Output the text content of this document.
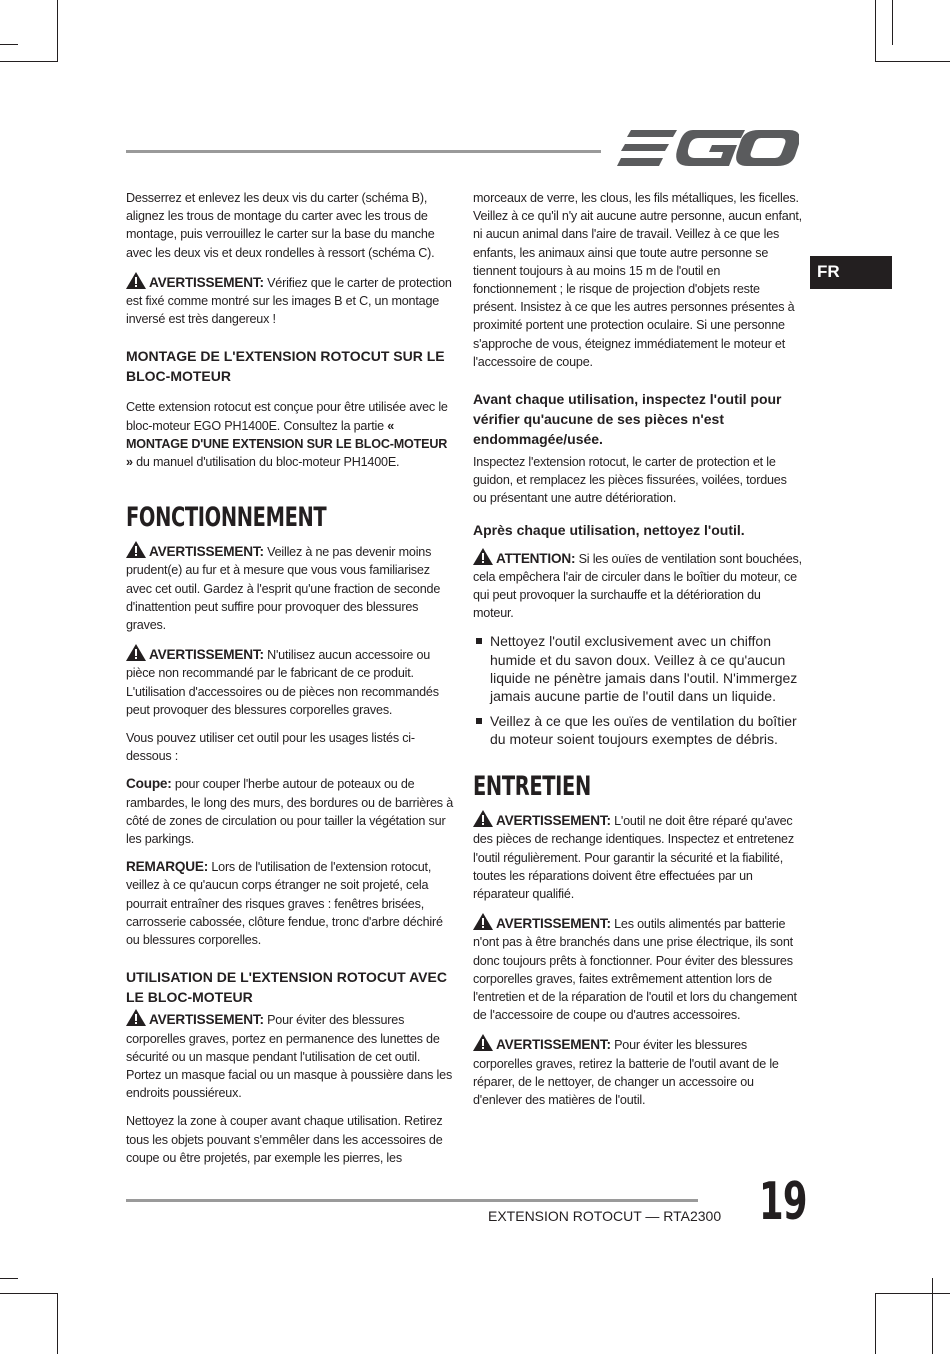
FR

Desserrez et enlevez les deux vis du carter (schéma B), alignez les trous de montage du carter avec les trous de montage, puis verrouillez le carter sur la base du manche avec les deux vis et deux rondelles à ressort (schéma C).

AVERTISSEMENT: Vérifiez que le carter de protection est fixé comme montré sur les images B et C, un montage inversé est très dangereux !

MONTAGE DE L'EXTENSION ROTOCUT SUR LE BLOC-MOTEUR

Cette extension rotocut est conçue pour être utilisée avec le bloc-moteur EGO PH1400E. Consultez la partie « MONTAGE D'UNE EXTENSION SUR LE BLOC-MOTEUR » du manuel d'utilisation du bloc-moteur PH1400E.

FONCTIONNEMENT

AVERTISSEMENT: Veillez à ne pas devenir moins prudent(e) au fur et à mesure que vous vous familiarisez avec cet outil. Gardez à l'esprit qu'une fraction de seconde d'inattention peut suffire pour provoquer des blessures graves.

AVERTISSEMENT: N'utilisez aucun accessoire ou pièce non recommandé par le fabricant de ce produit. L'utilisation d'accessoires ou de pièces non recommandés peut provoquer des blessures corporelles graves.

Vous pouvez utiliser cet outil pour les usages listés ci-dessous :

Coupe: pour couper l'herbe autour de poteaux ou de rambardes, le long des murs, des bordures ou de barrières à côté de zones de circulation ou pour tailler la végétation sur les parkings.

REMARQUE: Lors de l'utilisation de l'extension rotocut, veillez à ce qu'aucun corps étranger ne soit projeté, cela pourrait entraîner des risques graves : fenêtres brisées, carrosserie cabossée, clôture fendue, tronc d'arbre déchiré ou blessures corporelles.

UTILISATION DE L'EXTENSION ROTOCUT AVEC LE BLOC-MOTEUR

AVERTISSEMENT: Pour éviter des blessures corporelles graves, portez en permanence des lunettes de sécurité ou un masque pendant l'utilisation de cet outil. Portez un masque facial ou un masque à poussière dans les endroits poussiéreux.

Nettoyez la zone à couper avant chaque utilisation. Retirez tous les objets pouvant s'emmêler dans les accessoires de coupe ou être projetés, par exemple les pierres, les

morceaux de verre, les clous, les fils métalliques, les ficelles. Veillez à ce qu'il n'y ait aucune autre personne, aucun enfant, ni aucun animal dans l'aire de travail. Veillez à ce que les enfants, les animaux ainsi que toute autre personne se tiennent toujours à au moins 15 m de l'outil en fonctionnement ; le risque de projection d'objets reste présent. Insistez à ce que les autres personnes présentes à proximité portent une protection oculaire. Si une personne s'approche de vous, éteignez immédiatement le moteur et l'accessoire de coupe.

Avant chaque utilisation, inspectez l'outil pour vérifier qu'aucune de ses pièces n'est endommagée/usée.

Inspectez l'extension rotocut, le carter de protection et le guidon, et remplacez les pièces fissurées, voilées, tordues ou présentant une autre détérioration.

Après chaque utilisation, nettoyez l'outil.

ATTENTION: Si les ouïes de ventilation sont bouchées, cela empêchera l'air de circuler dans le boîtier du moteur, ce qui peut provoquer la surchauffe et la détérioration du moteur.

Nettoyez l'outil exclusivement avec un chiffon humide et du savon doux. Veillez à ce qu'aucun liquide ne pénètre jamais dans l'outil. N'immergez jamais aucune partie de l'outil dans un liquide.
Veillez à ce que les ouïes de ventilation du boîtier du moteur soient toujours exemptes de débris.
ENTRETIEN

AVERTISSEMENT: L'outil ne doit être réparé qu'avec des pièces de rechange identiques. Inspectez et entretenez l'outil régulièrement. Pour garantir la sécurité et la fiabilité, toutes les réparations doivent être effectuées par un réparateur qualifié.

AVERTISSEMENT: Les outils alimentés par batterie n'ont pas à être branchés dans une prise électrique, ils sont donc toujours prêts à fonctionner. Pour éviter des blessures corporelles graves, faites extrêmement attention lors de l'entretien et de la réparation de l'outil et lors du changement de l'accessoire de coupe ou d'autres accessoires.

AVERTISSEMENT: Pour éviter les blessures corporelles graves, retirez la batterie de l'outil avant de le réparer, de le nettoyer, de changer un accessoire ou d'enlever des matières de l'outil.

EXTENSION ROTOCUT — RTA2300 19
